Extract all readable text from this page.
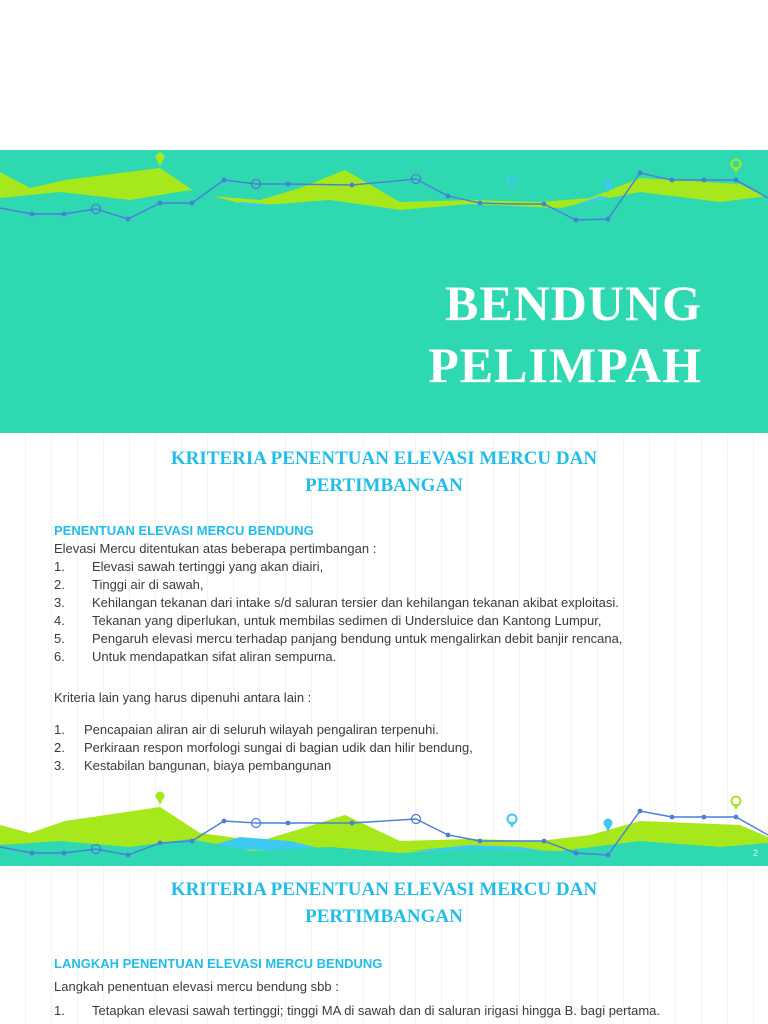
BENDUNG
PELIMPAH
KRITERIA PENENTUAN ELEVASI MERCU DAN
PERTIMBANGAN
PENENTUAN ELEVASI MERCU BENDUNG
Elevasi Mercu ditentukan atas beberapa pertimbangan :
1. Elevasi sawah tertinggi yang akan diairi,
2. Tinggi air di sawah,
3. Kehilangan tekanan dari intake s/d saluran tersier dan kehilangan tekanan akibat exploitasi.
4. Tekanan yang diperlukan, untuk membilas sedimen di Undersluice dan Kantong Lumpur,
5. Pengaruh elevasi mercu terhadap panjang bendung untuk mengalirkan debit banjir rencana,
6. Untuk mendapatkan sifat aliran sempurna.
Kriteria lain yang harus dipenuhi antara lain :
1. Pencapaian aliran air di seluruh wilayah pengaliran terpenuhi.
2. Perkiraan respon morfologi sungai di bagian udik dan hilir bendung,
3. Kestabilan bangunan, biaya pembangunan
2
KRITERIA PENENTUAN ELEVASI MERCU DAN
PERTIMBANGAN
LANGKAH PENENTUAN ELEVASI MERCU BENDUNG
Langkah penentuan elevasi mercu bendung sbb :
1. Tetapkan elevasi sawah tertinggi; tinggi MA di sawah dan di saluran irigasi hingga B. bagi pertama.
